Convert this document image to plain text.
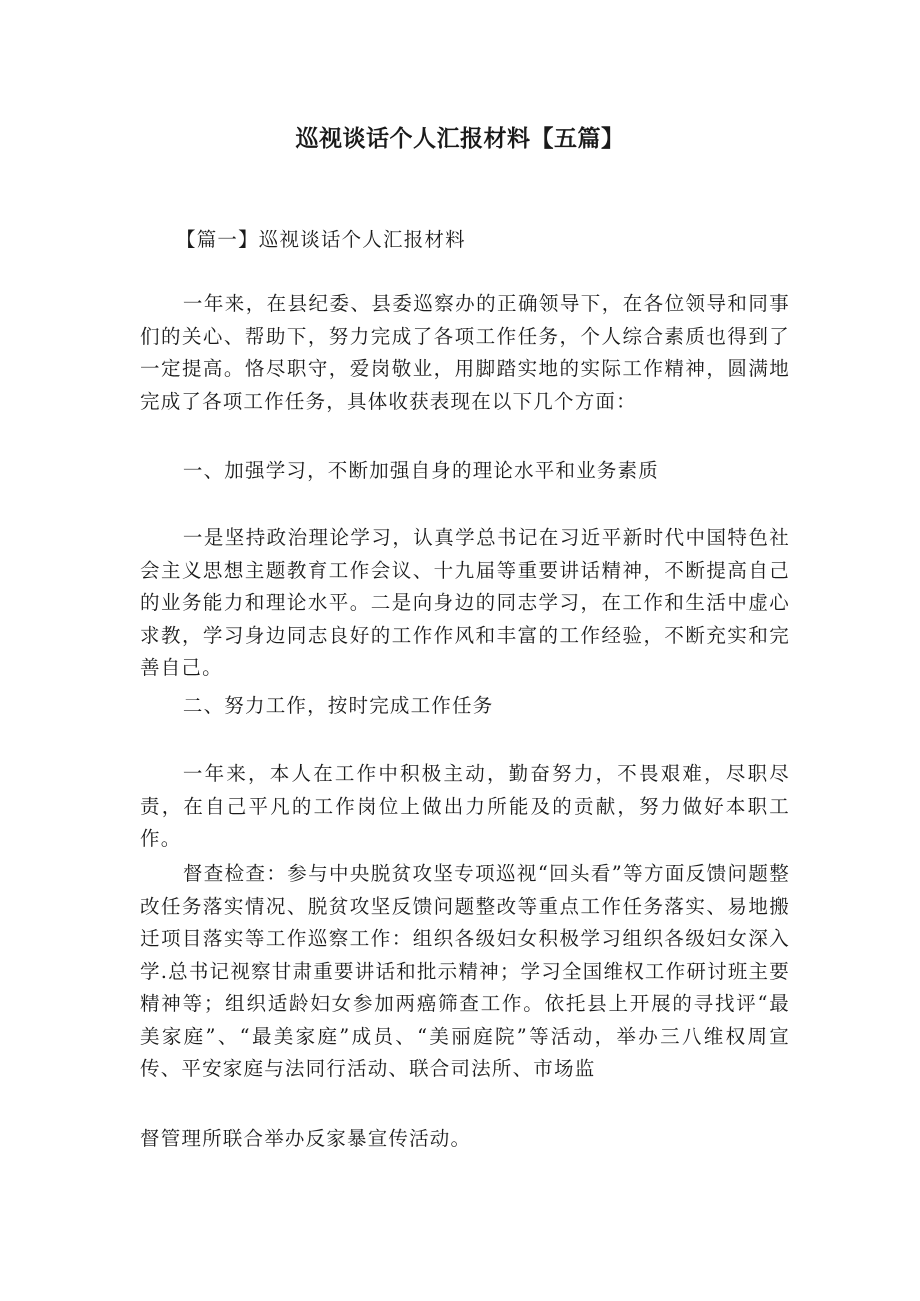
巡视谈话个人汇报材料【五篇】

【篇一】巡视谈话个人汇报材料

一年来，在县纪委、县委巡察办的正确领导下，在各位领导和同事们的关心、帮助下，努力完成了各项工作任务，个人综合素质也得到了一定提高。恪尽职守，爱岗敬业，用脚踏实地的实际工作精神，圆满地完成了各项工作任务，具体收获表现在以下几个方面：

一、加强学习，不断加强自身的理论水平和业务素质

一是坚持政治理论学习，认真学总书记在习近平新时代中国特色社会主义思想主题教育工作会议、十九届等重要讲话精神，不断提高自己的业务能力和理论水平。二是向身边的同志学习，在工作和生活中虚心求教，学习身边同志良好的工作作风和丰富的工作经验，不断充实和完善自己。

二、努力工作，按时完成工作任务

一年来，本人在工作中积极主动，勤奋努力，不畏艰难，尽职尽责，在自己平凡的工作岗位上做出力所能及的贡献，努力做好本职工作。

督查检查：参与中央脱贫攻坚专项巡视“回头看”等方面反馈问题整改任务落实情况、脱贫攻坚反馈问题整改等重点工作任务落实、易地搬迁项目落实等工作巡察工作：组织各级妇女积极学习组织各级妇女深入学.总书记视察甘肃重要讲话和批示精神；学习全国维权工作研讨班主要精神等；组织适龄妇女参加两癌筛查工作。依托县上开展的寻找评“最美家庭”、“最美家庭”成员、“美丽庭院”等活动，举办三八维权周宣传、平安家庭与法同行活动、联合司法所、市场监

督管理所联合举办反家暴宣传活动。
